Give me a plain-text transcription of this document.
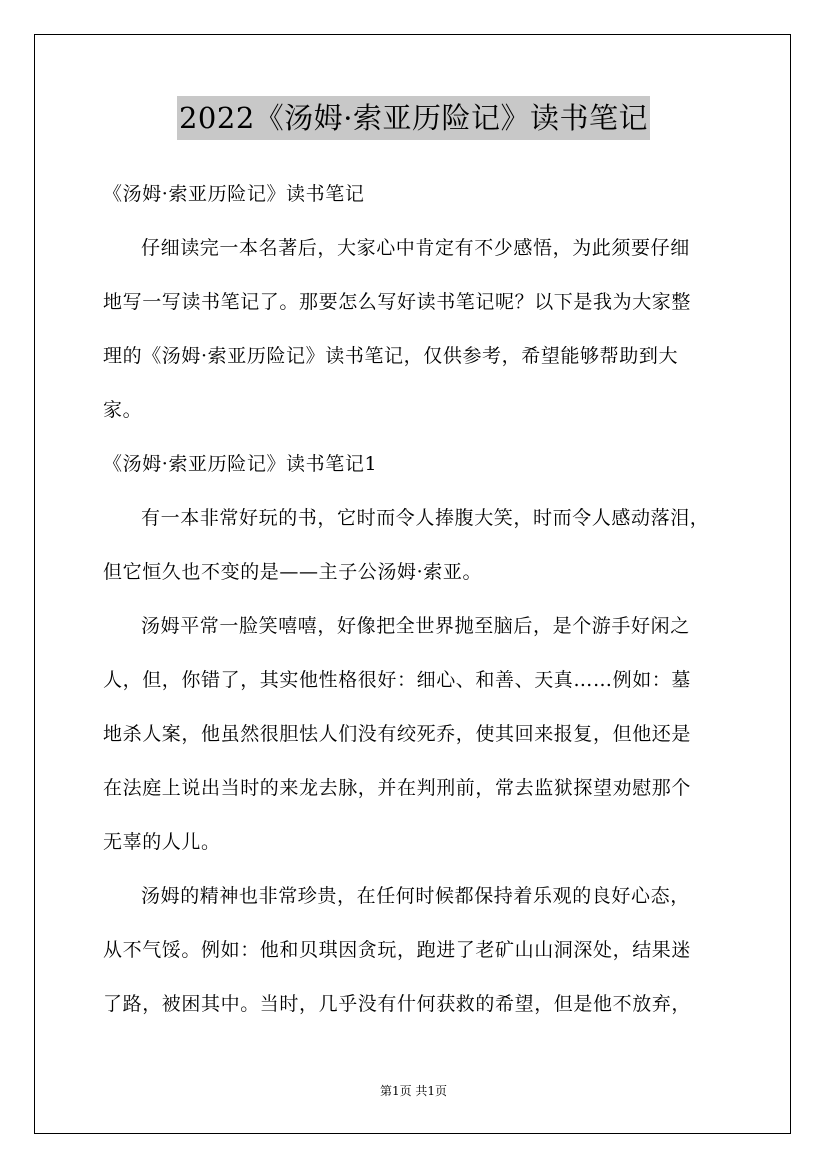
2022《汤姆·索亚历险记》读书笔记
《汤姆·索亚历险记》读书笔记
仔细读完一本名著后，大家心中肯定有不少感悟，为此须要仔细
地写一写读书笔记了。那要怎么写好读书笔记呢？以下是我为大家整
理的《汤姆·索亚历险记》读书笔记，仅供参考，希望能够帮助到大
家。
《汤姆·索亚历险记》读书笔记1
有一本非常好玩的书，它时而令人捧腹大笑，时而令人感动落泪，
但它恒久也不变的是——主子公汤姆·索亚。
汤姆平常一脸笑嘻嘻，好像把全世界抛至脑后，是个游手好闲之
人，但，你错了，其实他性格很好：细心、和善、天真……例如：墓
地杀人案，他虽然很胆怯人们没有绞死乔，使其回来报复，但他还是
在法庭上说出当时的来龙去脉，并在判刑前，常去监狱探望劝慰那个
无辜的人儿。
汤姆的精神也非常珍贵，在任何时候都保持着乐观的良好心态，
从不气馁。例如：他和贝琪因贪玩，跑进了老矿山山洞深处，结果迷
了路，被困其中。当时，几乎没有什何获救的希望，但是他不放弃，
第1页 共1页
